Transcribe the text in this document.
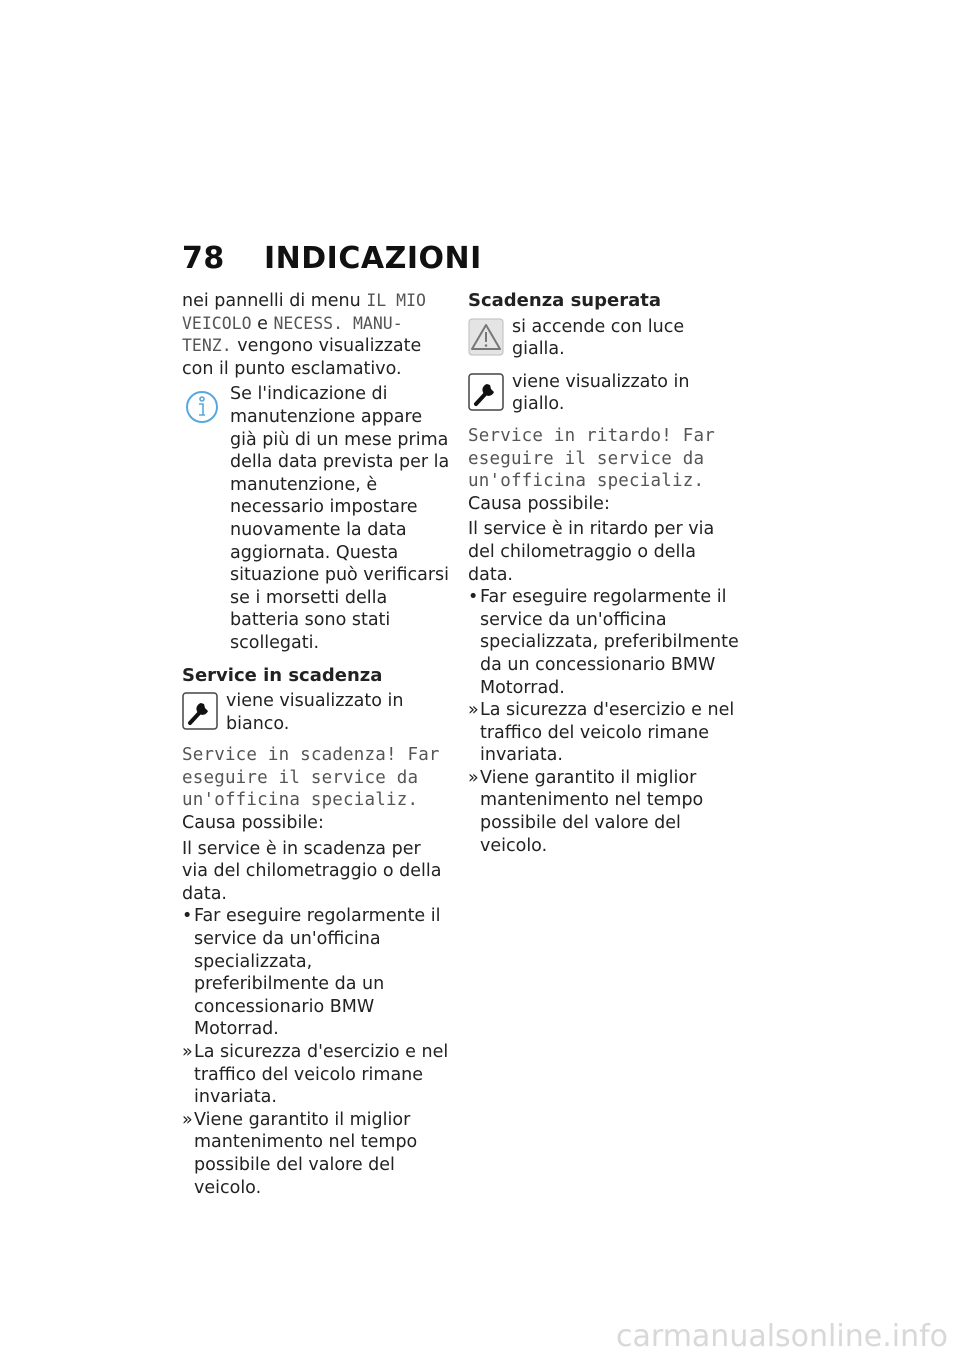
78 INDICAZIONI

nei pannelli di menu IL MIO VEICOLO e NECESS. MANU-TENZ. vengono visualizzate con il punto esclamativo.

Se l'indicazione di manutenzione appare già più di un mese prima della data prevista per la manutenzione, è necessario impostare nuovamente la data aggiornata. Questa situazione può verificarsi se i morsetti della batteria sono stati scollegati.

Service in scadenza

viene visualizzato in bianco.

Service in scadenza! Far eseguire il service da un'officina specializ.

Causa possibile:

Il service è in scadenza per via del chilometraggio o della data.

• Far eseguire regolarmente il service da un'officina specializzata, preferibilmente da un concessionario BMW Motorrad.
» La sicurezza d'esercizio e nel traffico del veicolo rimane invariata.
» Viene garantito il miglior mantenimento nel tempo possibile del valore del veicolo.

Scadenza superata

si accende con luce gialla.
viene visualizzato in giallo.

Service in ritardo! Far eseguire il service da un'officina specializ.

Causa possibile:

Il service è in ritardo per via del chilometraggio o della data.

• Far eseguire regolarmente il service da un'officina specializzata, preferibilmente da un concessionario BMW Motorrad.
» La sicurezza d'esercizio e nel traffico del veicolo rimane invariata.
» Viene garantito il miglior mantenimento nel tempo possibile del valore del veicolo.
carmanualsonline.info
